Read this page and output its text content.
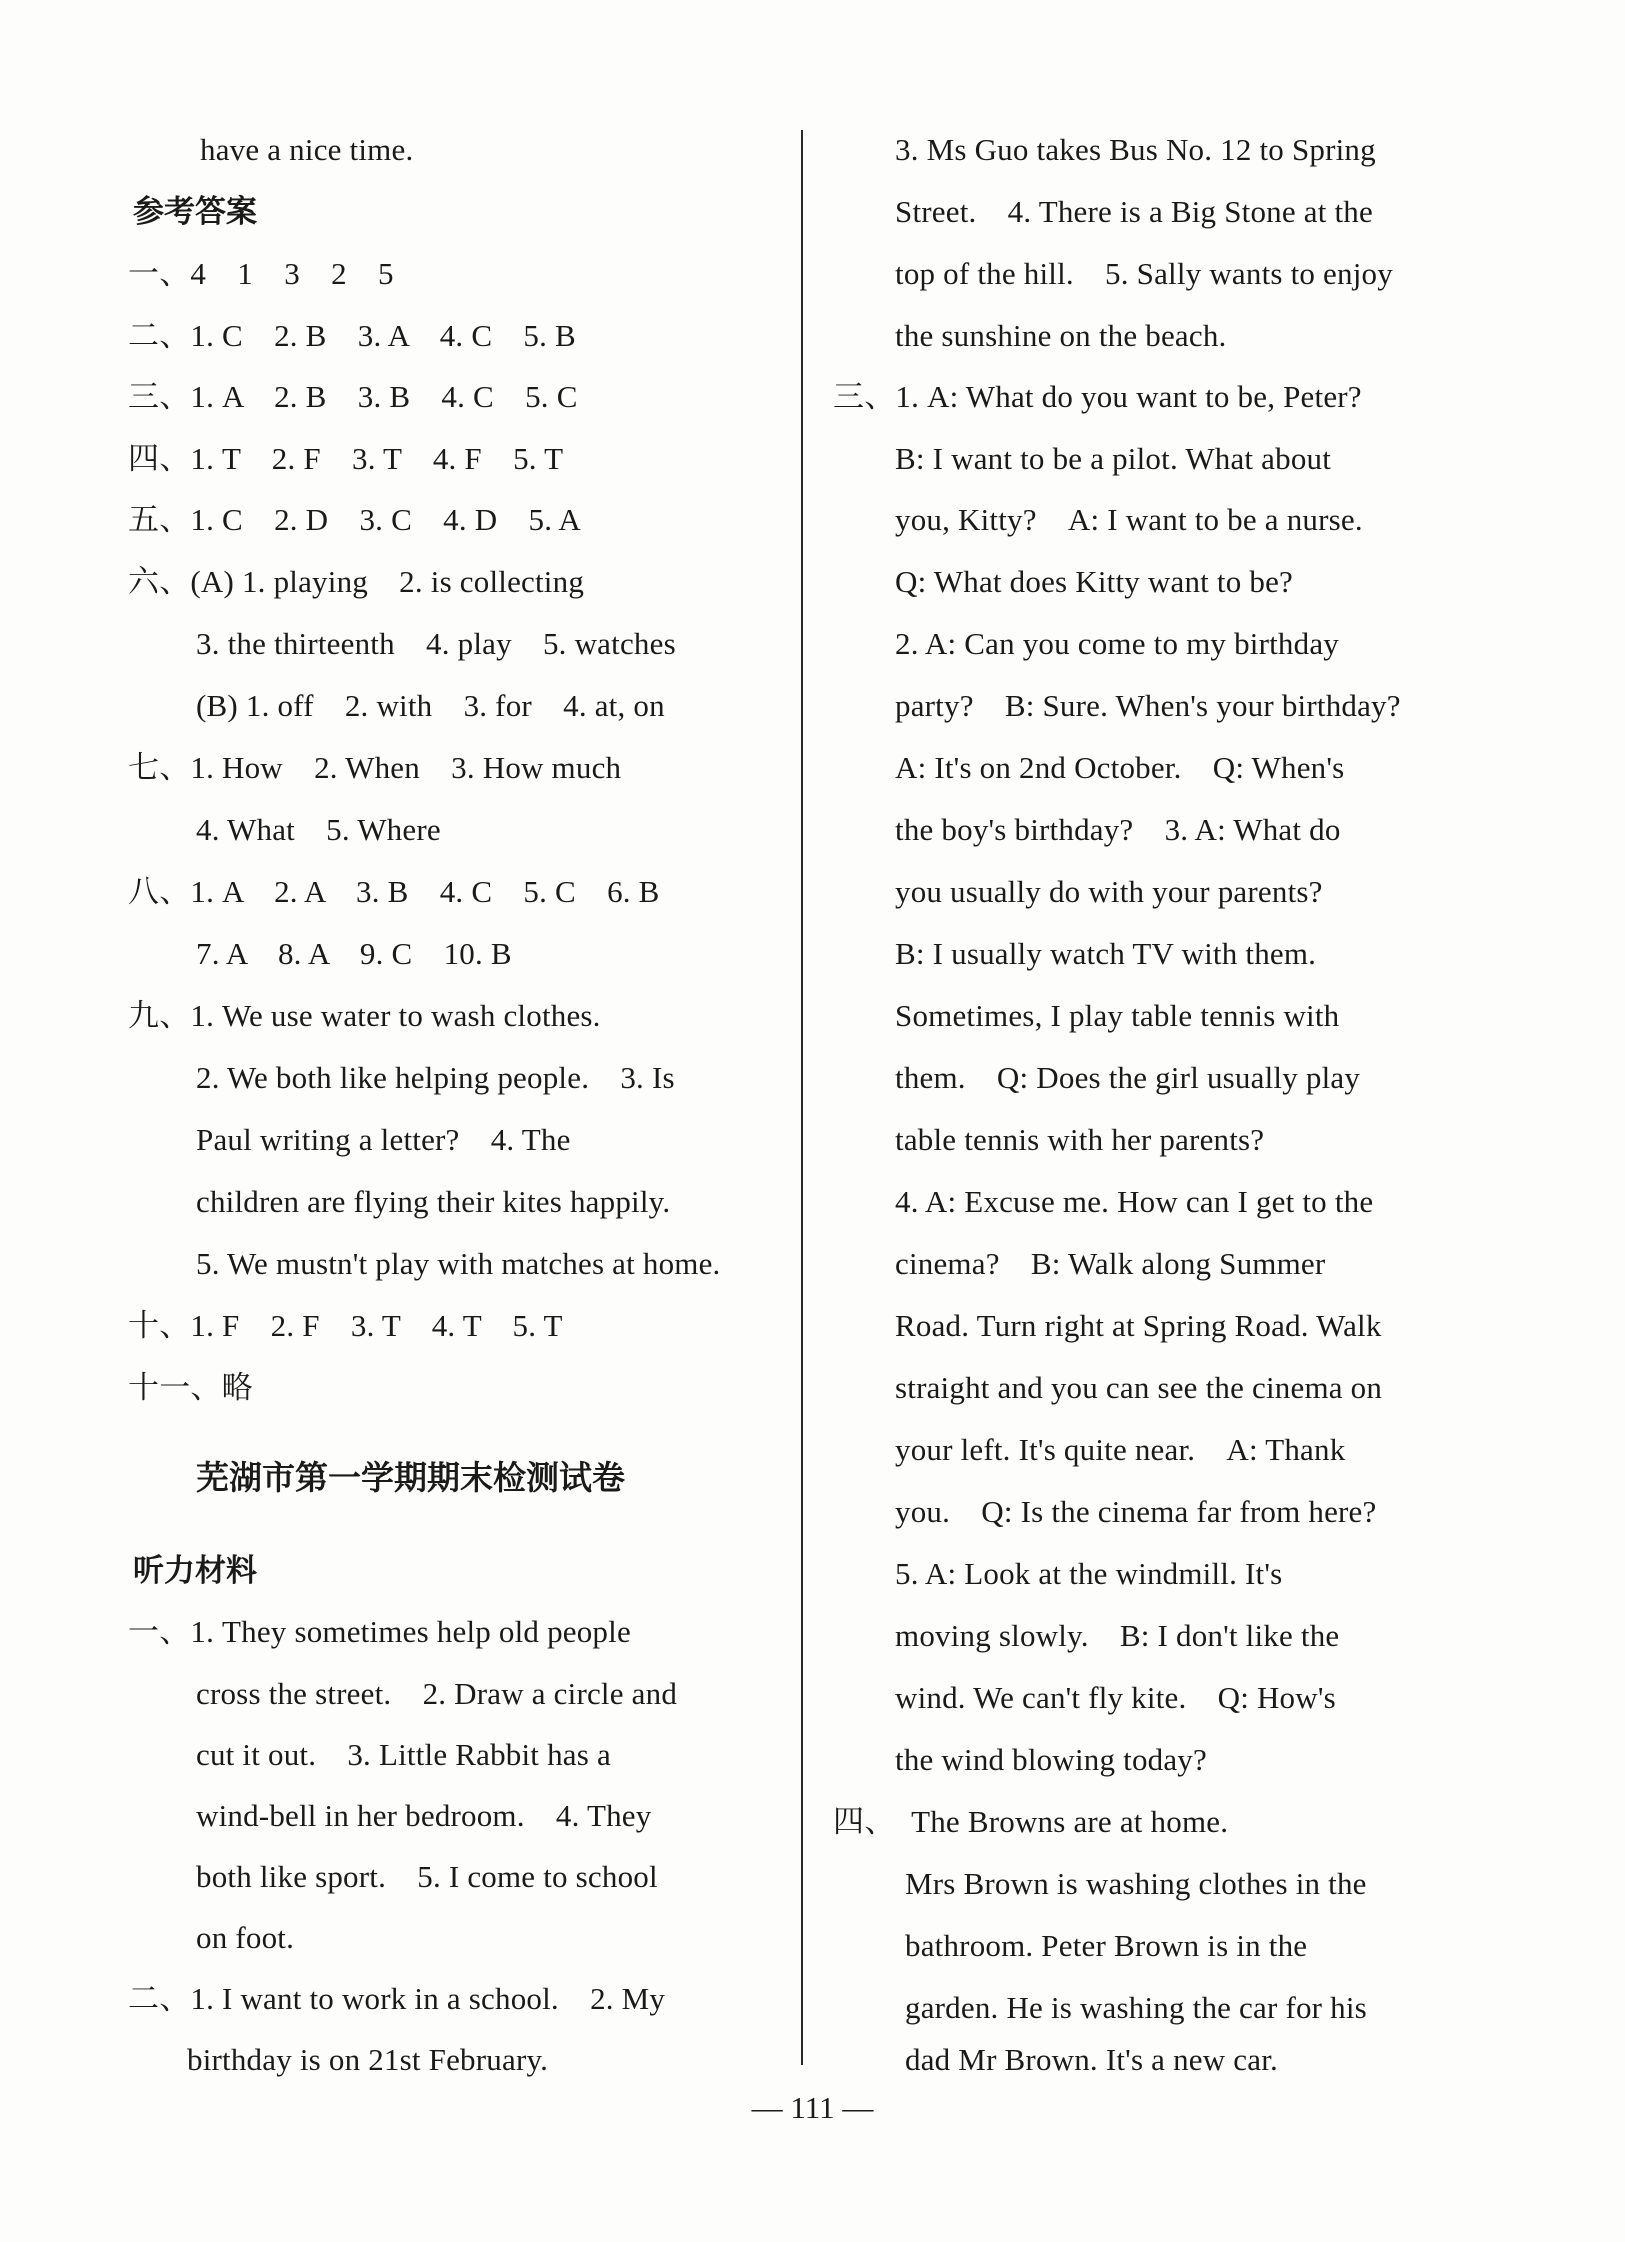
have a nice time.
参考答案
一、4　1　3　2　5
二、1. C　2. B　3. A　4. C　5. B
三、1. A　2. B　3. B　4. C　5. C
四、1. T　2. F　3. T　4. F　5. T
五、1. C　2. D　3. C　4. D　5. A
六、(A) 1. playing　2. is collecting
3. the thirteenth　4. play　5. watches
(B) 1. off　2. with　3. for　4. at, on
七、1. How　2. When　3. How much
4. What　5. Where
八、1. A　2. A　3. B　4. C　5. C　6. B
7. A　8. A　9. C　10. B
九、1. We use water to wash clothes.
2. We both like helping people.　3. Is
Paul writing a letter?　4. The
children are flying their kites happily.
5. We mustn't play with matches at home.
十、1. F　2. F　3. T　4. T　5. T
十一、略
芜湖市第一学期期末检测试卷
听力材料
一、1. They sometimes help old people
cross the street.　2. Draw a circle and
cut it out.　3. Little Rabbit has a
wind-bell in her bedroom.　4. They
both like sport.　5. I come to school
on foot.
二、1. I want to work in a school.　2. My
birthday is on 21st February.
3. Ms Guo takes Bus No. 12 to Spring
Street.　4. There is a Big Stone at the
top of the hill.　5. Sally wants to enjoy
the sunshine on the beach.
三、1. A: What do you want to be, Peter?
B: I want to be a pilot. What about
you, Kitty?　A: I want to be a nurse.
Q: What does Kitty want to be?
2. A: Can you come to my birthday
party?　B: Sure. When's your birthday?
A: It's on 2nd October.　Q: When's
the boy's birthday?　3. A: What do
you usually do with your parents?
B: I usually watch TV with them.
Sometimes, I play table tennis with
them.　Q: Does the girl usually play
table tennis with her parents?
4. A: Excuse me. How can I get to the
cinema?　B: Walk along Summer
Road. Turn right at Spring Road. Walk
straight and you can see the cinema on
your left. It's quite near.　A: Thank
you.　Q: Is the cinema far from here?
5. A: Look at the windmill. It's
moving slowly.　B: I don't like the
wind. We can't fly kite.　Q: How's
the wind blowing today?
四、　The Browns are at home.
Mrs Brown is washing clothes in the
bathroom. Peter Brown is in the
garden. He is washing the car for his
dad Mr Brown. It's a new car.
— 111 —
